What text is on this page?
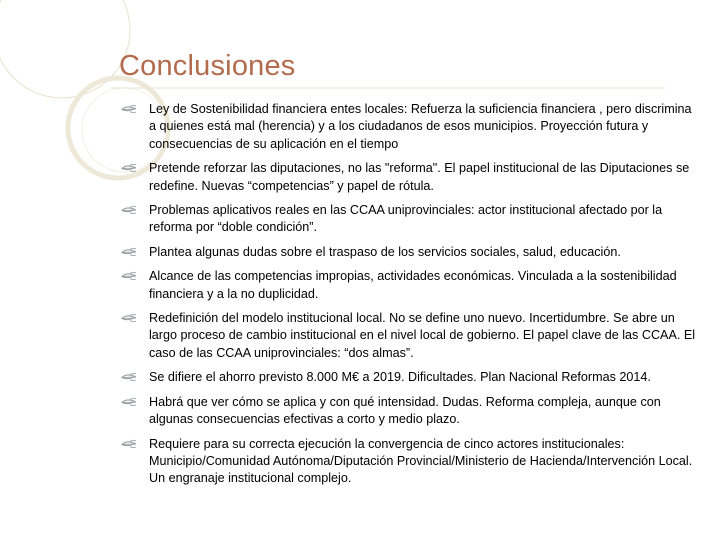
Conclusiones
Ley de Sostenibilidad financiera entes locales: Refuerza la suficiencia financiera , pero discrimina a quienes está mal (herencia) y a los ciudadanos de esos municipios. Proyección futura y consecuencias de su aplicación en el tiempo
Pretende reforzar las diputaciones, no las "reforma". El papel institucional de las Diputaciones se redefine. Nuevas “competencias” y papel de rótula.
Problemas aplicativos reales en las CCAA uniprovinciales: actor institucional afectado por la reforma por “doble condición”.
Plantea algunas dudas sobre el traspaso de los servicios sociales, salud, educación.
Alcance de las competencias impropias, actividades económicas. Vinculada a la sostenibilidad financiera y a la no duplicidad.
Redefinición del modelo institucional local. No se define uno nuevo. Incertidumbre. Se abre un largo proceso de cambio institucional en el nivel local de gobierno. El papel clave de las CCAA. El caso de las CCAA uniprovinciales: “dos almas”.
Se difiere el ahorro previsto 8.000 M€ a 2019. Dificultades. Plan Nacional Reformas 2014.
Habrá que ver cómo se aplica y con qué intensidad. Dudas. Reforma compleja, aunque con algunas consecuencias efectivas a corto y medio plazo.
Requiere para su correcta ejecución la convergencia de cinco actores institucionales: Municipio/Comunidad Autónoma/Diputación Provincial/Ministerio de Hacienda/Intervención Local. Un engranaje institucional complejo.
